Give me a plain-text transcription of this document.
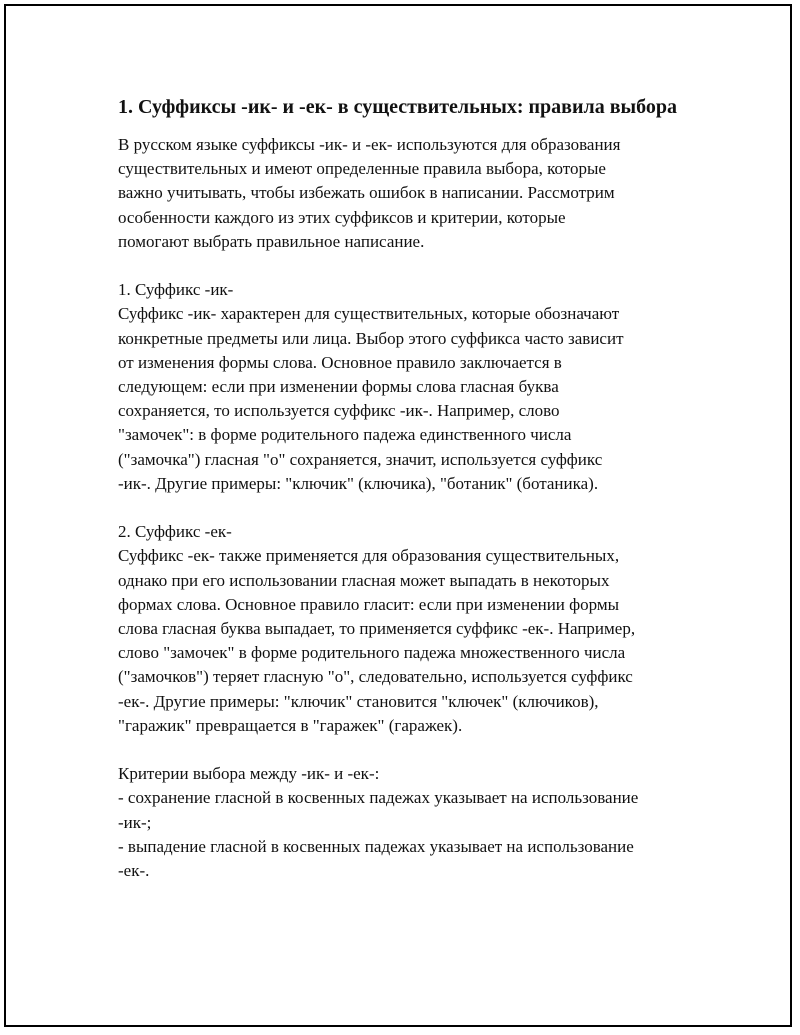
1. Суффиксы -ик- и -ек- в существительных: правила выбора

В русском языке суффиксы -ик- и -ек- используются для образования
существительных и имеют определенные правила выбора, которые
важно учитывать, чтобы избежать ошибок в написании. Рассмотрим
особенности каждого из этих суффиксов и критерии, которые
помогают выбрать правильное написание.

1. Суффикс -ик-

Суффикс -ик- характерен для существительных, которые обозначают
конкретные предметы или лица. Выбор этого суффикса часто зависит
от изменения формы слова. Основное правило заключается в
следующем: если при изменении формы слова гласная буква
сохраняется, то используется суффикс -ик-. Например, слово
"замочек": в форме родительного падежа единственного числа
("замочка") гласная "о" сохраняется, значит, используется суффикс
-ик-. Другие примеры: "ключик" (ключика), "ботаник" (ботаника).

2. Суффикс -ек-

Суффикс -ек- также применяется для образования существительных,
однако при его использовании гласная может выпадать в некоторых
формах слова. Основное правило гласит: если при изменении формы
слова гласная буква выпадает, то применяется суффикс -ек-. Например,
слово "замочек" в форме родительного падежа множественного числа
("замочков") теряет гласную "о", следовательно, используется суффикс
-ек-. Другие примеры: "ключик" становится "ключек" (ключиков),
"гаражик" превращается в "гаражек" (гаражек).

Критерии выбора между -ик- и -ек-:

- сохранение гласной в косвенных падежах указывает на использование
-ик-;

- выпадение гласной в косвенных падежах указывает на использование
-ек-.
